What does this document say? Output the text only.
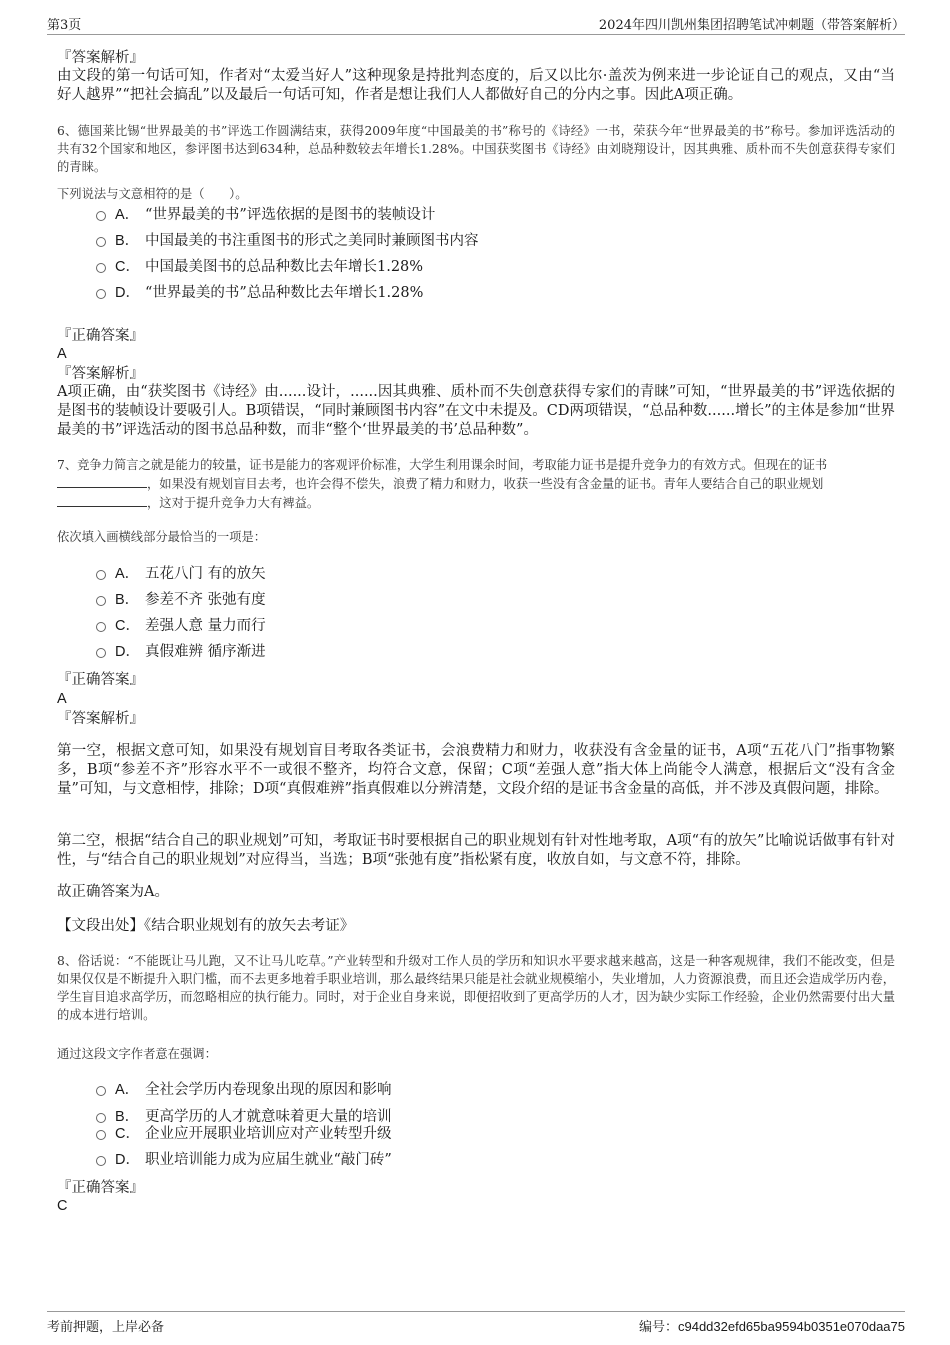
第3页	2024年四川凯州集团招聘笔试冲刺题（带答案解析）
『答案解析』
由文段的第一句话可知，作者对“太爱当好人”这种现象是持批判态度的，后又以比尔·盖茨为例来进一步论证自己的观点，又由“当好人越界”“把社会搞乱”以及最后一句话可知，作者是想让我们人人都做好自己的分内之事。因此A项正确。
6、德国莱比锡“世界最美的书”评选工作圆满结束，获得2009年度“中国最美的书”称号的《诗经》一书，荣获今年“世界最美的书”称号。参加评选活动的共有32个国家和地区，参评图书达到634种，总品种数较去年增长1.28%。中国获奖图书《诗经》由刘晓翔设计，因其典雅、质朴而不失创意获得专家们的青睐。
下列说法与文意相符的是（　　）。
A． “世界最美的书”评选依据的是图书的装帧设计
B． 中国最美的书注重图书的形式之美同时兼顾图书内容
C． 中国最美图书的总品种数比去年增长1.28%
D． “世界最美的书”总品种数比去年增长1.28%
『正确答案』
A
『答案解析』
A项正确，由“获奖图书《诗经》由......设计，......因其典雅、质朴而不失创意获得专家们的青睐”可知，“世界最美的书”评选依据的是图书的装帧设计要吸引人。B项错误，“同时兼顾图书内容”在文中未提及。CD两项错误，“总品种数......增长”的主体是参加“世界最美的书”评选活动的图书总品种数，而非“整个‘世界最美的书’总品种数”。
7、竞争力简言之就是能力的较量，证书是能力的客观评价标准，大学生利用课余时间，考取能力证书是提升竞争力的有效方式。但现在的证书
，如果没有规划盲目去考，也许会得不偿失，浪费了精力和财力，收获一些没有含金量的证书。青年人要结合自己的职业规划
，这对于提升竞争力大有裨益。
依次填入画横线部分最恰当的一项是：
A． 五花八门 有的放矢
B． 参差不齐 张弛有度
C． 差强人意 量力而行
D． 真假难辨 循序渐进
『正确答案』
A
『答案解析』
第一空，根据文意可知，如果没有规划盲目考取各类证书，会浪费精力和财力，收获没有含金量的证书，A项“五花八门”指事物繁多，B项“参差不齐”形容水平不一或很不整齐，均符合文意，保留；C项“差强人意”指大体上尚能令人满意，根据后文“没有含金量”可知，与文意相悖，排除；D项“真假难辨”指真假难以分辨清楚，文段介绍的是证书含金量的高低，并不涉及真假问题，排除。
第二空，根据“结合自己的职业规划”可知，考取证书时要根据自己的职业规划有针对性地考取，A项“有的放矢”比喻说话做事有针对性，与“结合自己的职业规划”对应得当，当选；B项“张弛有度”指松紧有度，收放自如，与文意不符，排除。
故正确答案为A。
【文段出处】《结合职业规划有的放矢去考证》
8、俗话说：“不能既让马儿跑，又不让马儿吃草。”产业转型和升级对工作人员的学历和知识水平要求越来越高，这是一种客观规律，我们不能改变，但是如果仅仅是不断提升入职门槛，而不去更多地着手职业培训，那么最终结果只能是社会就业规模缩小，失业增加，人力资源浪费，而且还会造成学历内卷，学生盲目追求高学历，而忽略相应的执行能力。同时，对于企业自身来说，即便招收到了更高学历的人才，因为缺少实际工作经验，企业仍然需要付出大量的成本进行培训。
通过这段文字作者意在强调：
A． 全社会学历内卷现象出现的原因和影响
B． 更高学历的人才就意味着更大量的培训
C． 企业应开展职业培训应对产业转型升级
D． 职业培训能力成为应届生就业“敲门砖”
『正确答案』
C
考前押题，上岸必备	编号：c94dd32efd65ba9594b0351e070daa75
